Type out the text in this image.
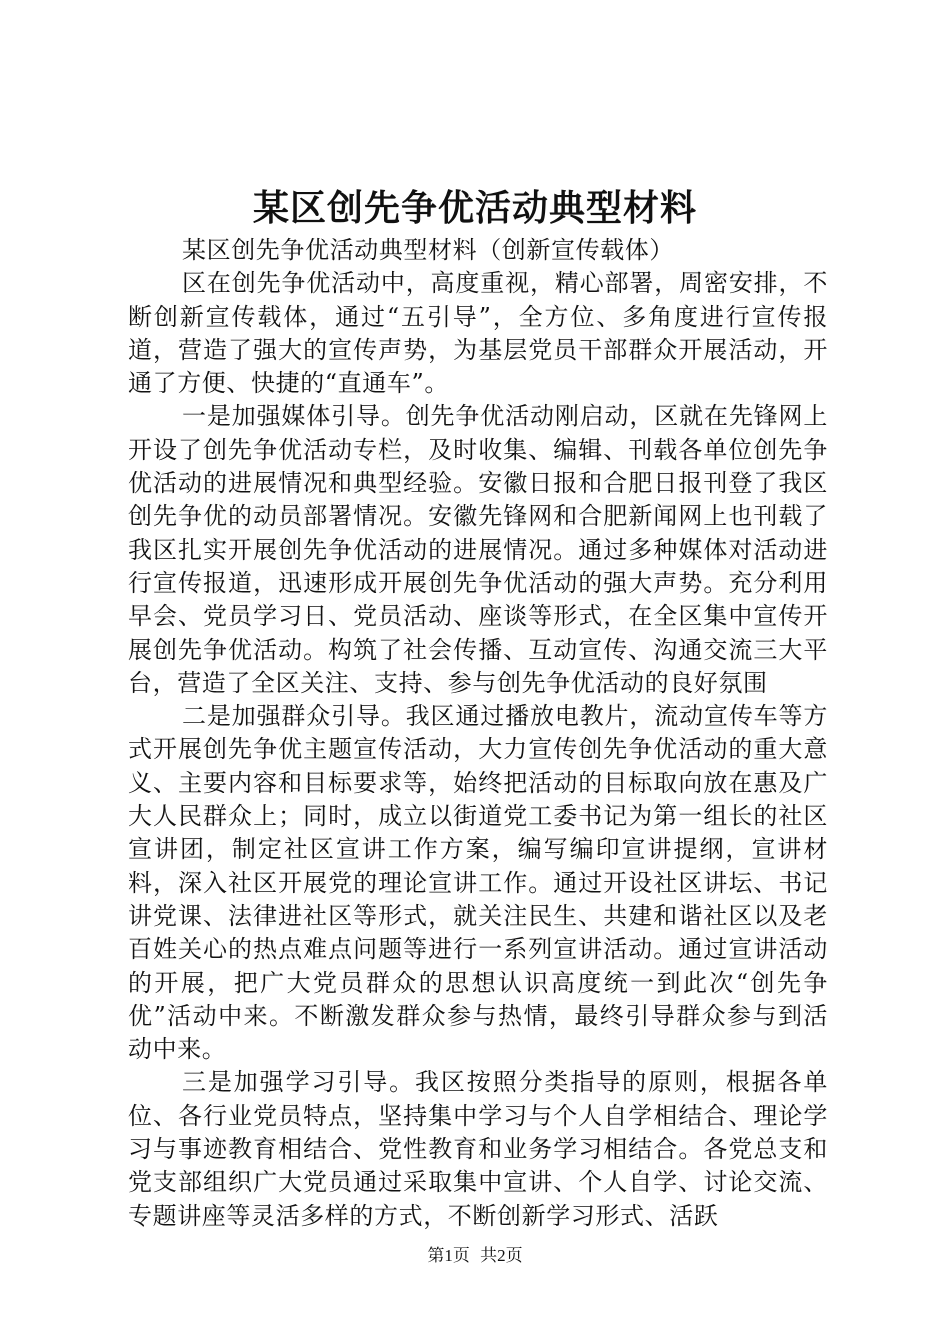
某区创先争优活动典型材料

某区创先争优活动典型材料（创新宣传载体）

区在创先争优活动中，高度重视，精心部署，周密安排，不断创新宣传载体，通过“五引导”，全方位、多角度进行宣传报道，营造了强大的宣传声势，为基层党员干部群众开展活动，开通了方便、快捷的“直通车”。

一是加强媒体引导。创先争优活动刚启动，区就在先锋网上开设了创先争优活动专栏，及时收集、编辑、刊载各单位创先争优活动的进展情况和典型经验。安徽日报和合肥日报刊登了我区创先争优的动员部署情况。安徽先锋网和合肥新闻网上也刊载了我区扎实开展创先争优活动的进展情况。通过多种媒体对活动进行宣传报道，迅速形成开展创先争优活动的强大声势。充分利用早会、党员学习日、党员活动、座谈等形式，在全区集中宣传开展创先争优活动。构筑了社会传播、互动宣传、沟通交流三大平台，营造了全区关注、支持、参与创先争优活动的良好氛围

二是加强群众引导。我区通过播放电教片，流动宣传车等方式开展创先争优主题宣传活动，大力宣传创先争优活动的重大意义、主要内容和目标要求等，始终把活动的目标取向放在惠及广大人民群众上；同时，成立以街道党工委书记为第一组长的社区宣讲团，制定社区宣讲工作方案，编写编印宣讲提纲，宣讲材料，深入社区开展党的理论宣讲工作。通过开设社区讲坛、书记讲党课、法律进社区等形式，就关注民生、共建和谐社区以及老百姓关心的热点难点问题等进行一系列宣讲活动。通过宣讲活动的开展，把广大党员群众的思想认识高度统一到此次“创先争优”活动中来。不断激发群众参与热情，最终引导群众参与到活动中来。

三是加强学习引导。我区按照分类指导的原则，根据各单位、各行业党员特点，坚持集中学习与个人自学相结合、理论学习与事迹教育相结合、党性教育和业务学习相结合。各党总支和党支部组织广大党员通过采取集中宣讲、个人自学、讨论交流、专题讲座等灵活多样的方式，不断创新学习形式、活跃

第1页 共2页
